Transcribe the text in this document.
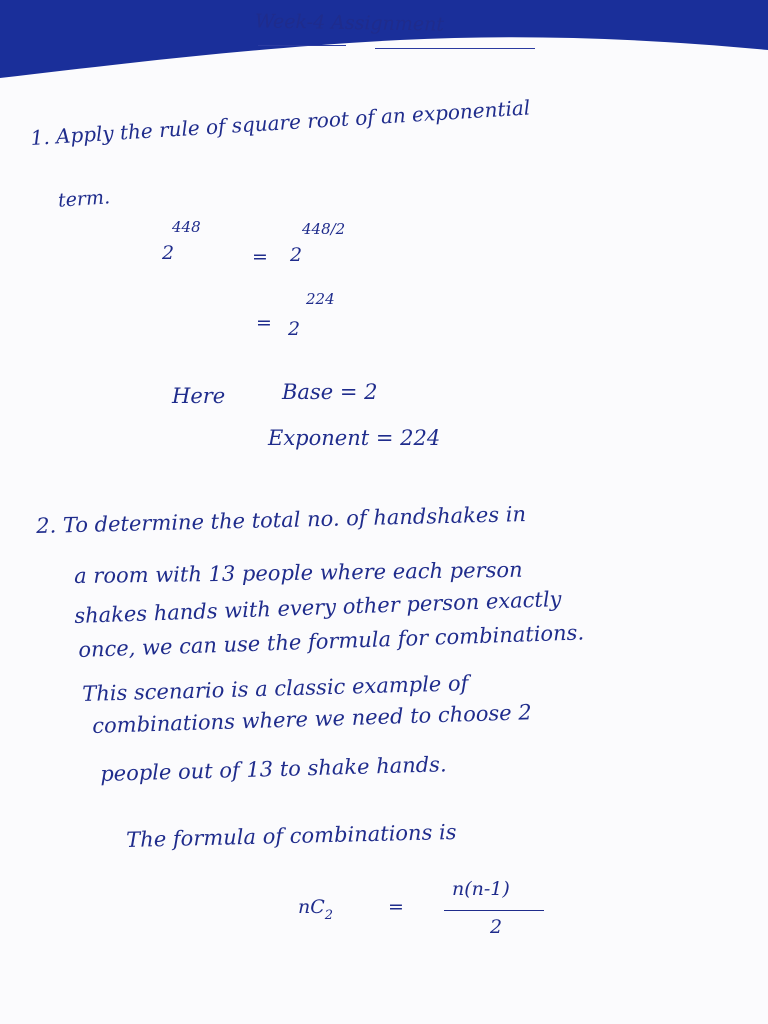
Week-4 Assignment
1. Apply the rule of square root of an exponential
term.
2
448
= 2
448/2
= 2
224
Here	Base = 2
Exponent = 224
2. To determine the total no. of handshakes in
a room with 13 people where each person
shakes hands with every other person exactly
once, we can use the formula for combinations.
This scenario is a classic example of
combinations where we need to choose 2
people out of 13 to shake hands.
The formula of combinations is
$nC_2$	=
n(n-1)
2
